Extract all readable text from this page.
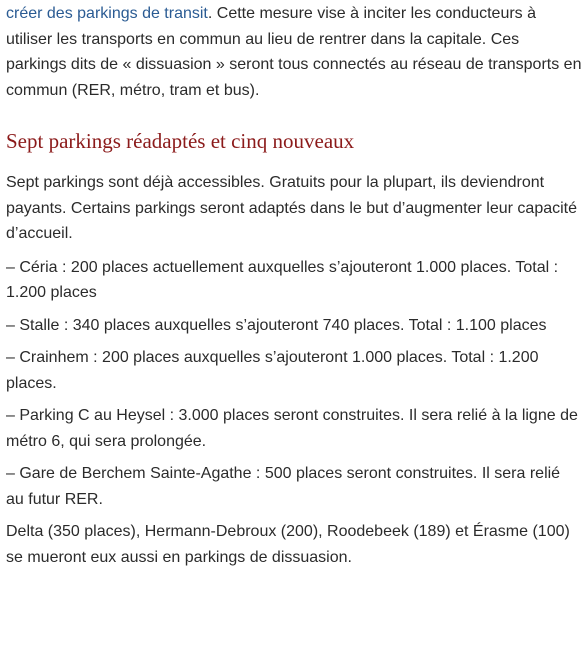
créer des parkings de transit. Cette mesure vise à inciter les conducteurs à utiliser les transports en commun au lieu de rentrer dans la capitale. Ces parkings dits de « dissuasion » seront tous connectés au réseau de transports en commun (RER, métro, tram et bus).

Sept parkings réadaptés et cinq nouveaux

Sept parkings sont déjà accessibles. Gratuits pour la plupart, ils deviendront payants. Certains parkings seront adaptés dans le but d’augmenter leur capacité d’accueil.

– Céria : 200 places actuellement auxquelles s’ajouteront 1.000 places. Total : 1.200 places

– Stalle : 340 places auxquelles s’ajouteront 740 places. Total : 1.100 places

– Crainhem : 200 places auxquelles s’ajouteront 1.000 places. Total : 1.200 places.

– Parking C au Heysel : 3.000 places seront construites. Il sera relié à la ligne de métro 6, qui sera prolongée.

– Gare de Berchem Sainte-Agathe : 500 places seront construites. Il sera relié au futur RER.

Delta (350 places), Hermann-Debroux (200), Roodebeek (189) et Érasme (100) se mueront eux aussi en parkings de dissuasion.
